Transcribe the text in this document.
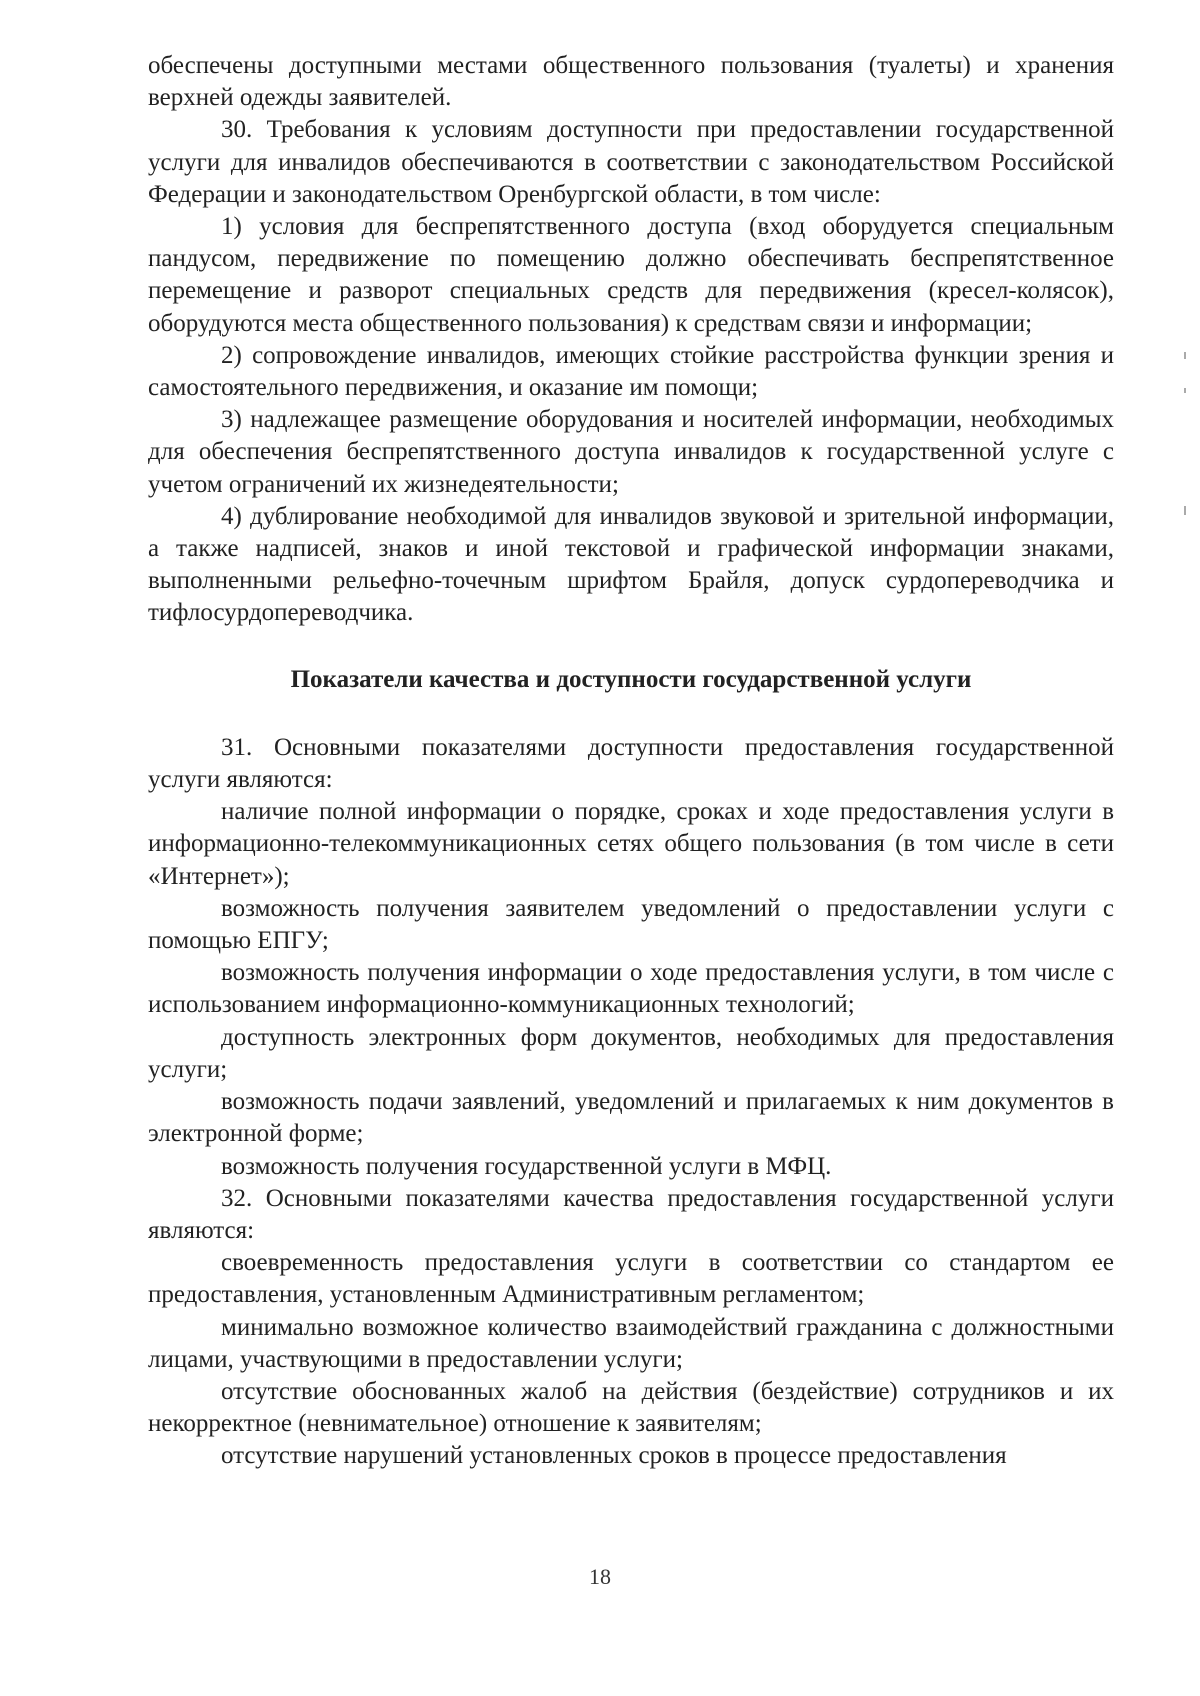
обеспечены доступными местами общественного пользования (туалеты) и хранения верхней одежды заявителей.

30. Требования к условиям доступности при предоставлении государственной услуги для инвалидов обеспечиваются в соответствии с законодательством Российской Федерации и законодательством Оренбургской области, в том числе:

1) условия для беспрепятственного доступа (вход оборудуется специальным пандусом, передвижение по помещению должно обеспечивать беспрепятственное перемещение и разворот специальных средств для передвижения (кресел-колясок), оборудуются места общественного пользования) к средствам связи и информации;

2) сопровождение инвалидов, имеющих стойкие расстройства функции зрения и самостоятельного передвижения, и оказание им помощи;

3) надлежащее размещение оборудования и носителей информации, необходимых для обеспечения беспрепятственного доступа инвалидов к государственной услуге с учетом ограничений их жизнедеятельности;

4) дублирование необходимой для инвалидов звуковой и зрительной информации, а также надписей, знаков и иной текстовой и графической информации знаками, выполненными рельефно-точечным шрифтом Брайля, допуск сурдопереводчика и тифлосурдопереводчика.

Показатели качества и доступности государственной услуги

31. Основными показателями доступности предоставления государственной услуги являются:

наличие полной информации о порядке, сроках и ходе предоставления услуги в информационно-телекоммуникационных сетях общего пользования (в том числе в сети «Интернет»);

возможность получения заявителем уведомлений о предоставлении услуги с помощью ЕПГУ;

возможность получения информации о ходе предоставления услуги, в том числе с использованием информационно-коммуникационных технологий;

доступность электронных форм документов, необходимых для предоставления услуги;

возможность подачи заявлений, уведомлений и прилагаемых к ним документов в электронной форме;

возможность получения государственной услуги в МФЦ.

32. Основными показателями качества предоставления государственной услуги являются:

своевременность предоставления услуги в соответствии со стандартом ее предоставления, установленным Административным регламентом;

минимально возможное количество взаимодействий гражданина с должностными лицами, участвующими в предоставлении услуги;

отсутствие обоснованных жалоб на действия (бездействие) сотрудников и их некорректное (невнимательное) отношение к заявителям;

отсутствие нарушений установленных сроков в процессе предоставления

18
